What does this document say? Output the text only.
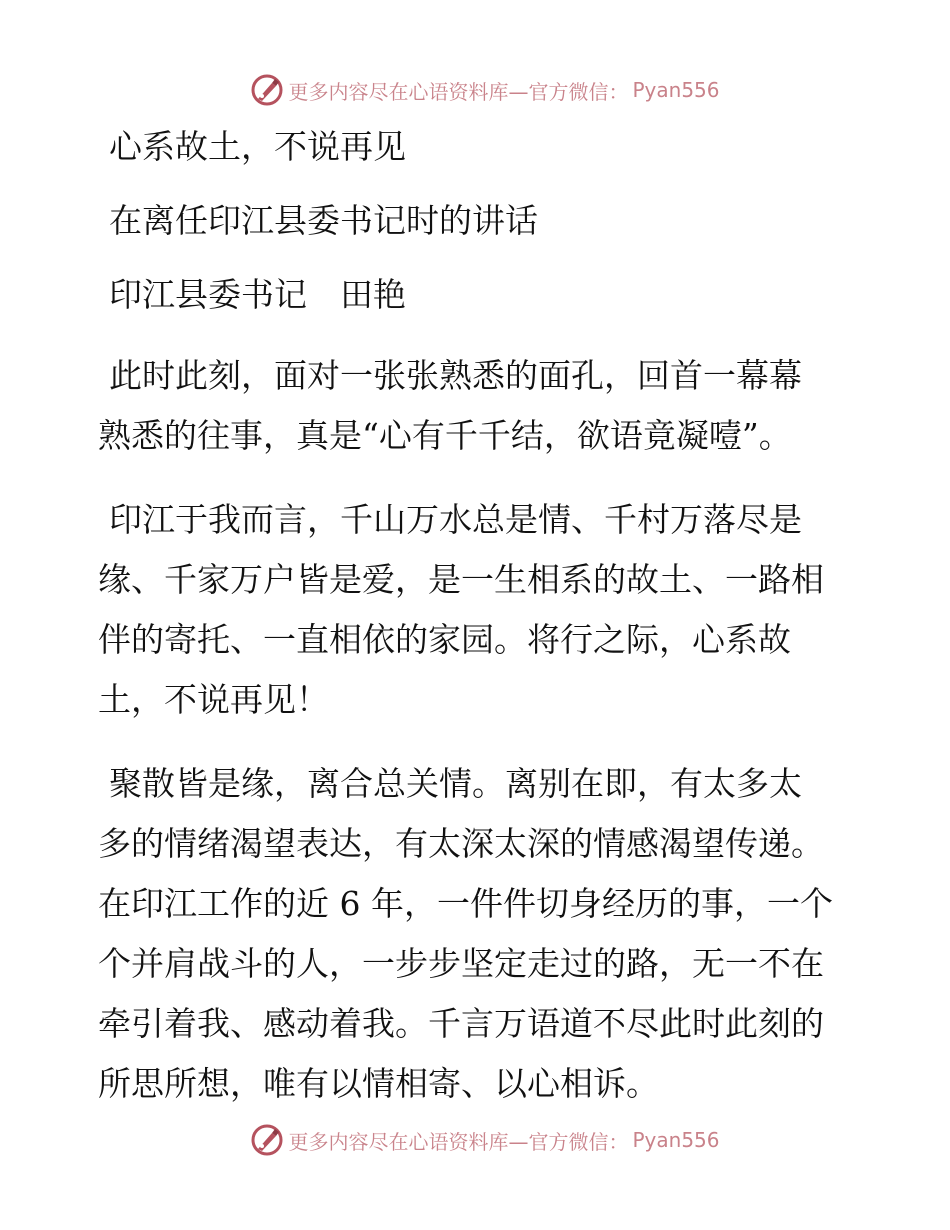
更多内容尽在心语资料库—官方微信： Pyan556

心系故土，不说再见

在离任印江县委书记时的讲话

印江县委书记　田艳

此时此刻，面对一张张熟悉的面孔，回首一幕幕

熟悉的往事，真是“心有千千结，欲语竟凝噎”。

印江于我而言，千山万水总是情、千村万落尽是

缘、千家万户皆是爱，是一生相系的故土、一路相

伴的寄托、一直相依的家园。将行之际，心系故

土，不说再见！

聚散皆是缘，离合总关情。离别在即，有太多太

多的情绪渴望表达，有太深太深的情感渴望传递。

在印江工作的近 6 年，一件件切身经历的事，一个

个并肩战斗的人，一步步坚定走过的路，无一不在

牵引着我、感动着我。千言万语道不尽此时此刻的

所思所想，唯有以情相寄、以心相诉。

更多内容尽在心语资料库—官方微信： Pyan556
